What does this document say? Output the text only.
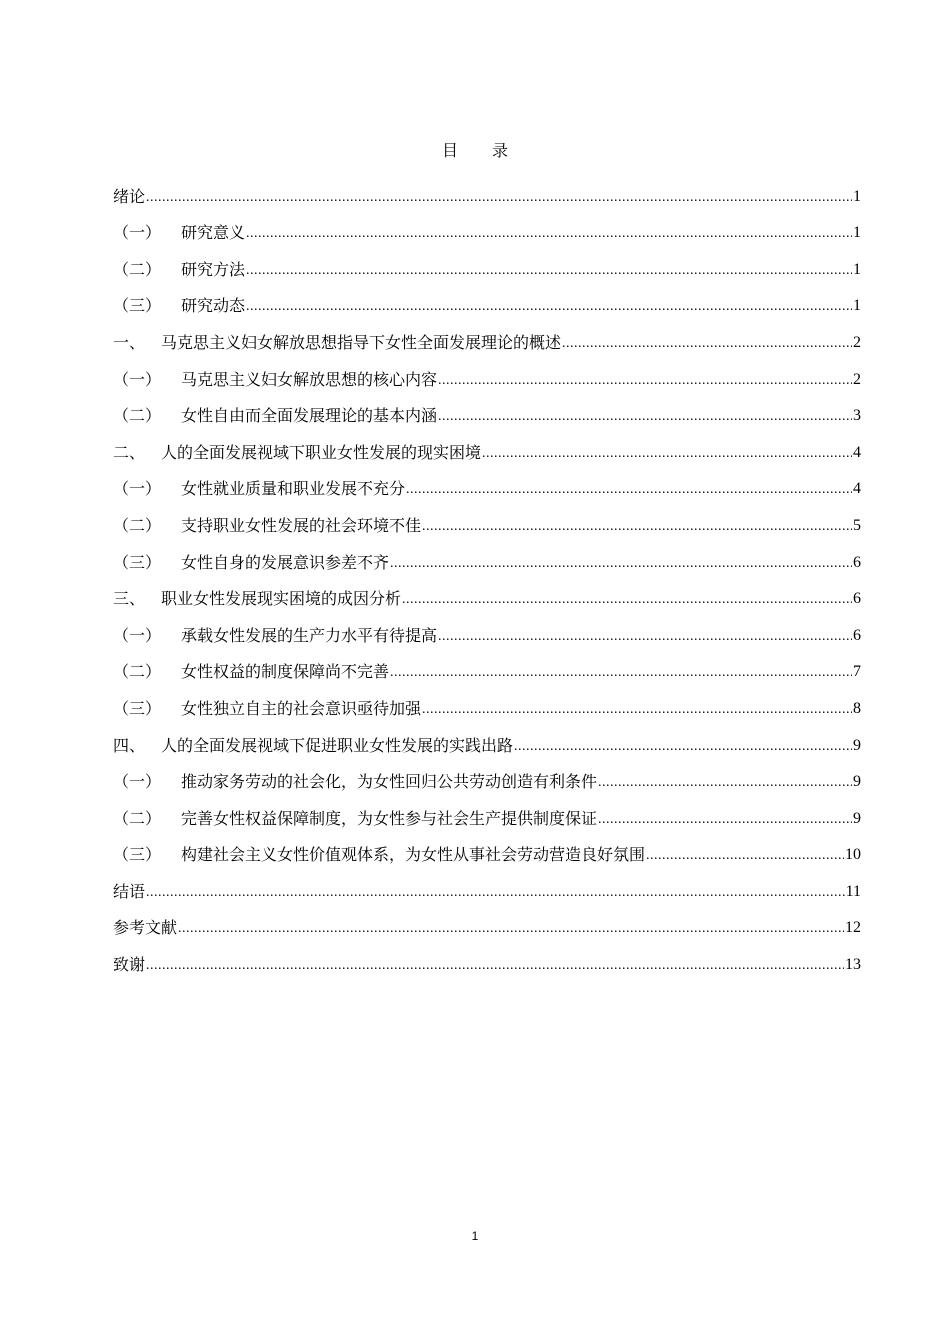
目 录
绪论 .....	1
（一）	研究意义 .....	1
（二）	研究方法 .....	1
（三）	研究动态 .....	1
一、 马克思主义妇女解放思想指导下女性全面发展理论的概述 .....	2
（一）	马克思主义妇女解放思想的核心内容 .....	2
（二）	女性自由而全面发展理论的基本内涵 .....	3
二、 人的全面发展视域下职业女性发展的现实困境 .....	4
（一）	女性就业质量和职业发展不充分 .....	4
（二）	支持职业女性发展的社会环境不佳 .....	5
（三）	女性自身的发展意识参差不齐 .....	6
三、 职业女性发展现实困境的成因分析 .....	6
（一）	承载女性发展的生产力水平有待提高 .....	6
（二）	女性权益的制度保障尚不完善 .....	7
（三）	女性独立自主的社会意识亟待加强 .....	8
四、 人的全面发展视域下促进职业女性发展的实践出路 .....	9
（一）	推动家务劳动的社会化，为女性回归公共劳动创造有利条件 .....	9
（二）	完善女性权益保障制度，为女性参与社会生产提供制度保证 .....	9
（三）	构建社会主义女性价值观体系，为女性从事社会劳动营造良好氛围 .....	10
结语 .....	11
参考文献 .....	12
致谢 .....	13
1
